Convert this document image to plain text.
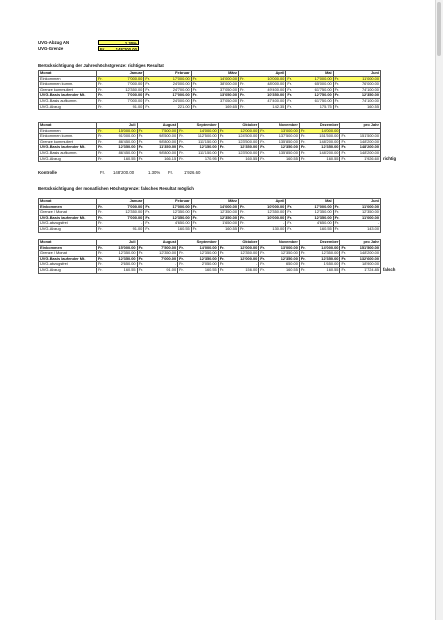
UVG-Abzug AN	1.30%
UVG-Grenze	Fr. 148'200.00
Berücksichtigung der Jahreshöchstgrenze: richtiges Resultat
Monat	Januar		Februar		März		April		Mai		Juni	
Einkommen	Fr.	7'000.00	Fr.	17'000.00	Fr.	14'000.00	Fr.	10'000.00	Fr.	17'000.00	Fr.	11'000.00
Einkommen kumm.	Fr.	7'000.00	Fr.	24'000.00	Fr.	38'000.00	Fr.	48'000.00	Fr.	65'000.00	Fr.	76'000.00
Grenze kummuliert	Fr.	12'350.00	Fr.	24'700.00	Fr.	37'050.00	Fr.	49'400.00	Fr.	61'750.00	Fr.	74'100.00
UVG-Basis laufender Mt.	Fr.	7'000.00	Fr.	17'000.00	Fr.	13'050.00	Fr.	10'350.00	Fr.	12'750.00	Fr.	12'350.00
UVG-Basis aufkumm.	Fr.	7'000.00	Fr.	24'000.00	Fr.	37'050.00	Fr.	47'400.00	Fr.	61'750.00	Fr.	74'100.00
UVG-Abzug	Fr.	91.00	Fr.	221.00	Fr.	169.65	Fr.	142.35	Fr.	175.75	Fr.	160.55
Monat	Juli		August		September		Oktober		November		Dezember		pro Jahr	
Einkommen	Fr.	15'000.00	Fr.	7'500.00	Fr.	14'000.00	Fr.	12'000.00	Fr.	13'000.00	Fr.	14'000.00		
Einkommen kumm.	Fr.	91'000.00	Fr.	98'500.00	Fr.	112'500.00	Fr.	124'500.00	Fr.	137'500.00	Fr.	151'500.00	Fr.	151'500.00
Grenze kummuliert	Fr.	86'450.00	Fr.	98'800.00	Fr.	111'150.00	Fr.	123'500.00	Fr.	135'850.00	Fr.	148'200.00	Fr.	148'200.00
UVG-Basis laufender Mt.	Fr.	12'350.00	Fr.	11'350.00	Fr.	12'150.00	Fr.	12'350.00	Fr.	12'350.00	Fr.	12'350.00	Fr.	148'200.00
UVG-Basis aufkumm.	Fr.	86'450.00	Fr.	98'800.00	Fr.	111'150.00	Fr.	123'500.00	Fr.	135'850.00	Fr.	148'200.00	Fr.	148'200.00
UVG-Abzug	Fr.	160.55	Fr.	166.15	Fr.	170.95	Fr.	160.55	Fr.	160.55	Fr.	160.55	Fr.	1'926.60 richtig
Kontrolle	Fr. 148'200.00	1.30% Fr.	1'926.60
Berücksichtigung der monatlichen Höchstgrenze: falsches Resultat möglich
Monat	Januar		Februar		März		April		Mai		Juni	
Einkommen	Fr.	7'000.00	Fr.	17'000.00	Fr.	14'000.00	Fr.	10'000.00	Fr.	17'000.00	Fr.	11'000.00
Grenze / Monat	Fr.	12'350.00	Fr.	12'350.00	Fr.	12'350.00	Fr.	12'350.00	Fr.	12'350.00	Fr.	12'350.00
UVG-Basis laufender Mt.	Fr.	7'000.00	Fr.	12'350.00	Fr.	12'350.00	Fr.	10'000.00	Fr.	12'350.00	Fr.	11'000.00
UVG-abzugsfrei	Fr.	-	Fr.	4'650.00	Fr.	1'650.00	Fr.	-	Fr.	4'650.00	Fr.	-
UVG-Abzug	Fr.	91.00	Fr.	160.55	Fr.	160.55	Fr.	130.00	Fr.	160.55	Fr.	143.00
Monat	Juli		August		September		Oktober		November		Dezember		pro Jahr	
Einkommen	Fr.	15'000.00	Fr.	7'500.00	Fr.	14'000.00	Fr.	12'000.00	Fr.	13'000.00	Fr.	14'000.00	Fr.	151'500.00
Grenze / Monat	Fr.	12'350.00	Fr.	12'350.00	Fr.	12'350.00	Fr.	12'350.00	Fr.	12'350.00	Fr.	12'350.00	Fr.	148'200.00
UVG-Basis laufender Mt.	Fr.	12'350.00	Fr.	7'000.00	Fr.	12'350.00	Fr.	12'000.00	Fr.	12'350.00	Fr.	12'350.00	Fr.	132'600.00
UVG-abzugsfrei	Fr.	2'650.00	Fr.	-	Fr.	2'050.00	Fr.	-	Fr.	650.00	Fr.	1'650.00	Fr.	18'900.00
UVG-Abzug	Fr.	160.55	Fr.	91.00	Fr.	160.55	Fr.	156.00	Fr.	160.55	Fr.	160.55	Fr.	1'724.85 falsch
